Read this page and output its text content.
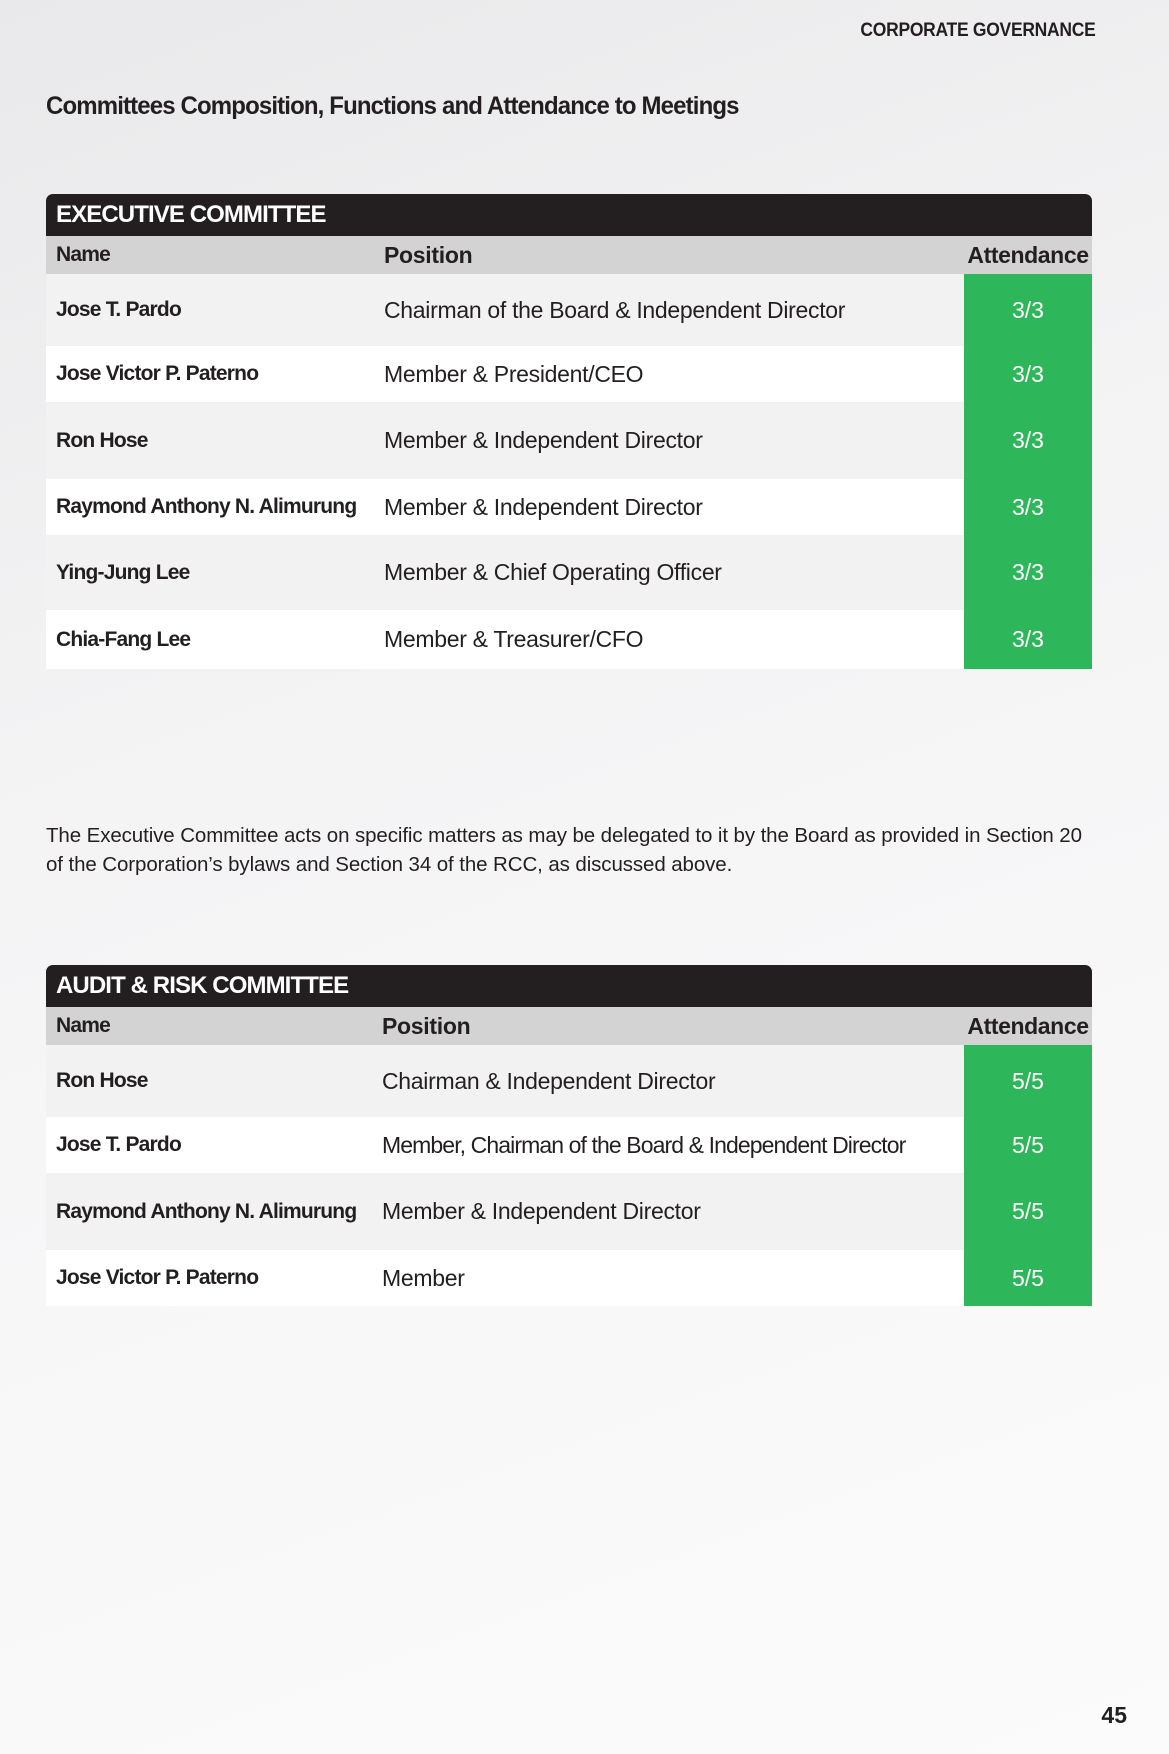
CORPORATE GOVERNANCE
Committees Composition, Functions and Attendance to Meetings
EXECUTIVE COMMITTEE
Name	Position	Attendance
Jose T. Pardo	Chairman of the Board & Independent Director	3/3
Jose Victor P. Paterno	Member & President/CEO	3/3
Ron Hose	Member & Independent Director	3/3
Raymond Anthony N. Alimurung	Member & Independent Director	3/3
Ying-Jung Lee	Member & Chief Operating Officer	3/3
Chia-Fang Lee	Member & Treasurer/CFO	3/3

The Executive Committee acts on specific matters as may be delegated to it by the Board as provided in Section 20 of the Corporation’s bylaws and Section 34 of the RCC, as discussed above.

AUDIT & RISK COMMITTEE
Name	Position	Attendance
Ron Hose	Chairman & Independent Director	5/5
Jose T. Pardo	Member, Chairman of the Board & Independent Director	5/5
Raymond Anthony N. Alimurung	Member & Independent Director	5/5
Jose Victor P. Paterno	Member	5/5
45
